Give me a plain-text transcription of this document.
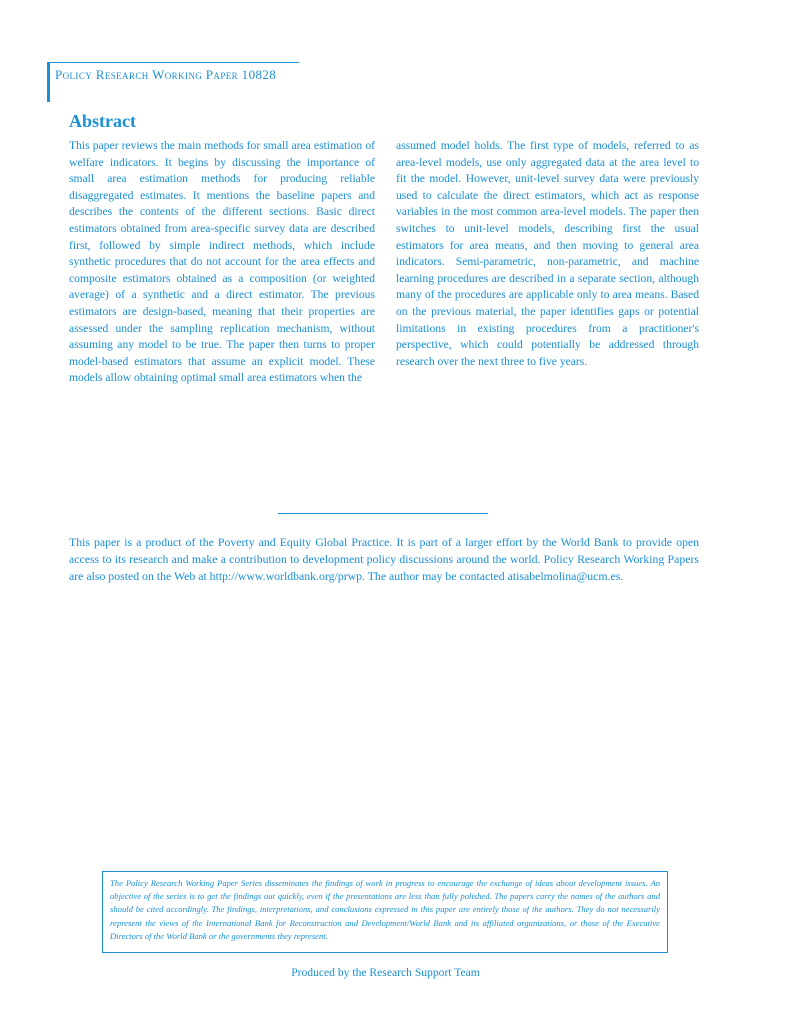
Policy Research Working Paper 10828
Abstract
This paper reviews the main methods for small area estimation of welfare indicators. It begins by discussing the importance of small area estimation methods for producing reliable disaggregated estimates. It mentions the baseline papers and describes the contents of the different sections. Basic direct estimators obtained from area-specific survey data are described first, followed by simple indirect methods, which include synthetic procedures that do not account for the area effects and composite estimators obtained as a composition (or weighted average) of a synthetic and a direct estimator. The previous estimators are design-based, meaning that their properties are assessed under the sampling replication mechanism, without assuming any model to be true. The paper then turns to proper model-based estimators that assume an explicit model. These models allow obtaining optimal small area estimators when the
assumed model holds. The first type of models, referred to as area-level models, use only aggregated data at the area level to fit the model. However, unit-level survey data were previously used to calculate the direct estimators, which act as response variables in the most common area-level models. The paper then switches to unit-level models, describing first the usual estimators for area means, and then moving to general area indicators. Semi-parametric, non-parametric, and machine learning procedures are described in a separate section, although many of the procedures are applicable only to area means. Based on the previous material, the paper identifies gaps or potential limitations in existing procedures from a practitioner's perspective, which could potentially be addressed through research over the next three to five years.
This paper is a product of the Poverty and Equity Global Practice. It is part of a larger effort by the World Bank to provide open access to its research and make a contribution to development policy discussions around the world. Policy Research Working Papers are also posted on the Web at http://www.worldbank.org/prwp. The author may be contacted atisabelmolina@ucm.es.
The Policy Research Working Paper Series disseminates the findings of work in progress to encourage the exchange of ideas about development issues. An objective of the series is to get the findings out quickly, even if the presentations are less than fully polished. The papers carry the names of the authors and should be cited accordingly. The findings, interpretations, and conclusions expressed in this paper are entirely those of the authors. They do not necessarily represent the views of the International Bank for Reconstruction and Development/World Bank and its affiliated organizations, or those of the Executive Directors of the World Bank or the governments they represent.
Produced by the Research Support Team
